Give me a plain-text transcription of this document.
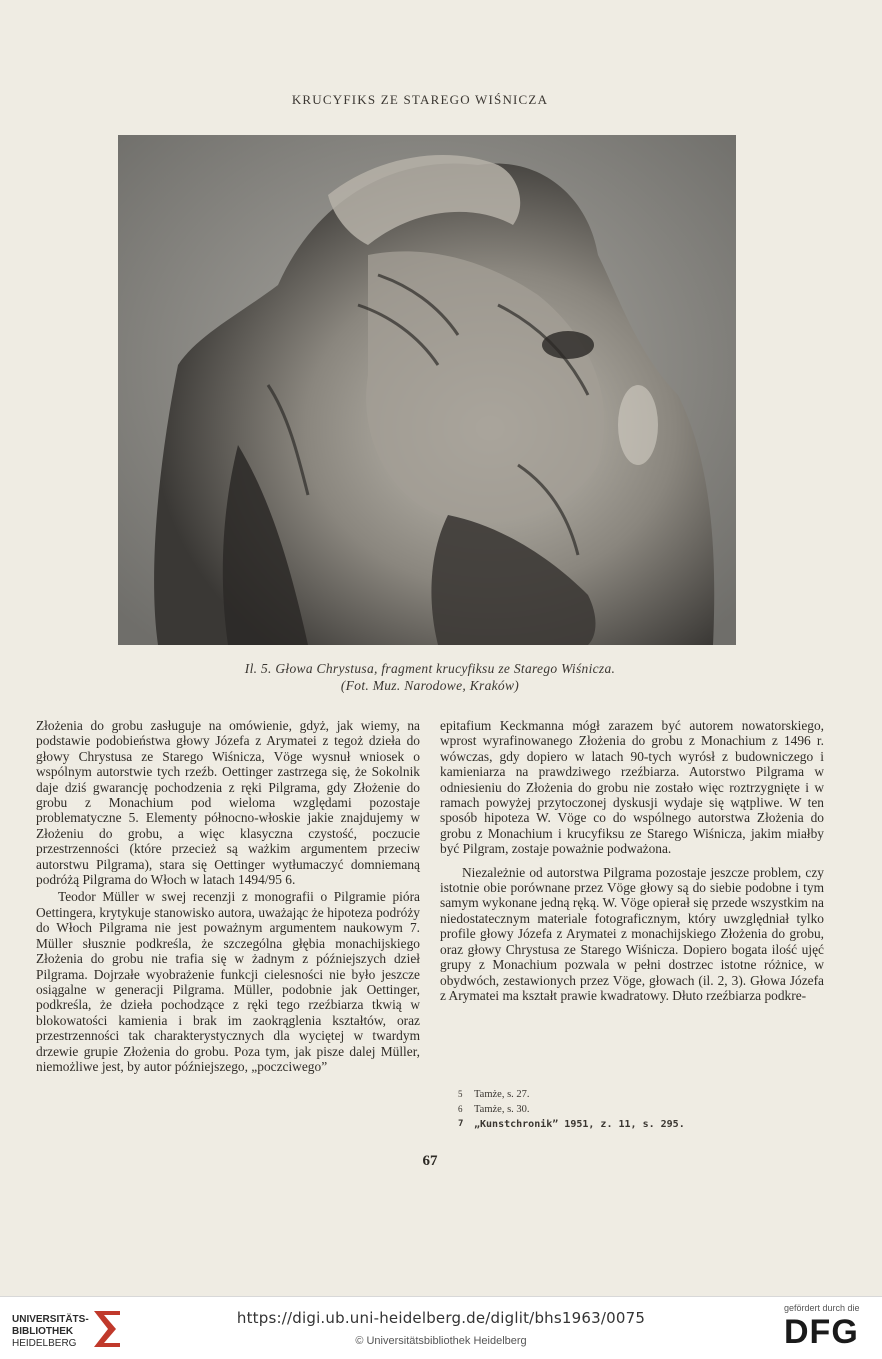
KRUCYFIKS ZE STAREGO WIŚNICZA
Il. 5. Głowa Chrystusa, fragment krucyfiksu ze Starego Wiśnicza.
(Fot. Muz. Narodowe, Kraków)

Złożenia do grobu zasługuje na omówienie, gdyż, jak wiemy, na podstawie podobieństwa głowy Józefa z Arymatei z tegoż dzieła do głowy Chrystusa ze Starego Wiśnicza, Vöge wysnuł wniosek o wspólnym autorstwie tych rzeźb. Oettinger zastrzega się, że Sokolnik daje dziś gwarancję pochodzenia z ręki Pilgrama, gdy Złożenie do grobu z Monachium pod wieloma względami pozostaje problematyczne 5. Elementy północno-włoskie jakie znajdujemy w Złożeniu do grobu, a więc klasyczna czystość, poczucie przestrzenności (które przecież są ważkim argumentem przeciw autorstwu Pilgrama), stara się Oettinger wytłumaczyć domniemaną podróżą Pilgrama do Włoch w latach 1494/95 6.

Teodor Müller w swej recenzji z monografii o Pilgramie pióra Oettingera, krytykuje stanowisko autora, uważając że hipoteza podróży do Włoch Pilgrama nie jest poważnym argumentem naukowym 7. Müller słusznie podkreśla, że szczególna głębia monachijskiego Złożenia do grobu nie trafia się w żadnym z późniejszych dzieł Pilgrama. Dojrzałe wyobrażenie funkcji cielesności nie było jeszcze osiągalne w generacji Pilgrama. Müller, podobnie jak Oettinger, podkreśla, że dzieła pochodzące z ręki tego rzeźbiarza tkwią w blokowatości kamienia i brak im zaokrąglenia kształtów, oraz przestrzenności tak charakterystycznych dla wyciętej w twardym drzewie grupie Złożenia do grobu. Poza tym, jak pisze dalej Müller, niemożliwe jest, by autor późniejszego, „poczciwego”

epitafium Keckmanna mógł zarazem być autorem nowatorskiego, wprost wyrafinowanego Złożenia do grobu z Monachium z 1496 r. wówczas, gdy dopiero w latach 90-tych wyrósł z budowniczego i kamieniarza na prawdziwego rzeźbiarza. Autorstwo Pilgrama w odniesieniu do Złożenia do grobu nie zostało więc roztrzygnięte i w ramach powyżej przytoczonej dyskusji wydaje się wątpliwe. W ten sposób hipoteza W. Vöge co do wspólnego autorstwa Złożenia do grobu z Monachium i krucyfiksu ze Starego Wiśnicza, jakim miałby być Pilgram, zostaje poważnie podważona.

Niezależnie od autorstwa Pilgrama pozostaje jeszcze problem, czy istotnie obie porównane przez Vöge głowy są do siebie podobne i tym samym wykonane jedną ręką. W. Vöge opierał się przede wszystkim na niedostatecznym materiale fotograficznym, który uwzględniał tylko profile głowy Józefa z Arymatei z monachijskiego Złożenia do grobu, oraz głowy Chrystusa ze Starego Wiśnicza. Dopiero bogata ilość ujęć grupy z Monachium pozwala w pełni dostrzec istotne różnice, w obydwóch, zestawionych przez Vöge, głowach (il. 2, 3). Głowa Józefa z Arymatei ma kształt prawie kwadratowy. Dłuto rzeźbiarza podkre-

5	Tamże, s. 27.
6	Tamże, s. 30.
7	„Kunstchronik” 1951, z. 11, s. 295.
67
UNIVERSITÄTS-
BIBLIOTHEK
HEIDELBERG
https://digi.ub.uni-heidelberg.de/diglit/bhs1963/0075
© Universitätsbibliothek Heidelberg
gefördert durch die
DFG
